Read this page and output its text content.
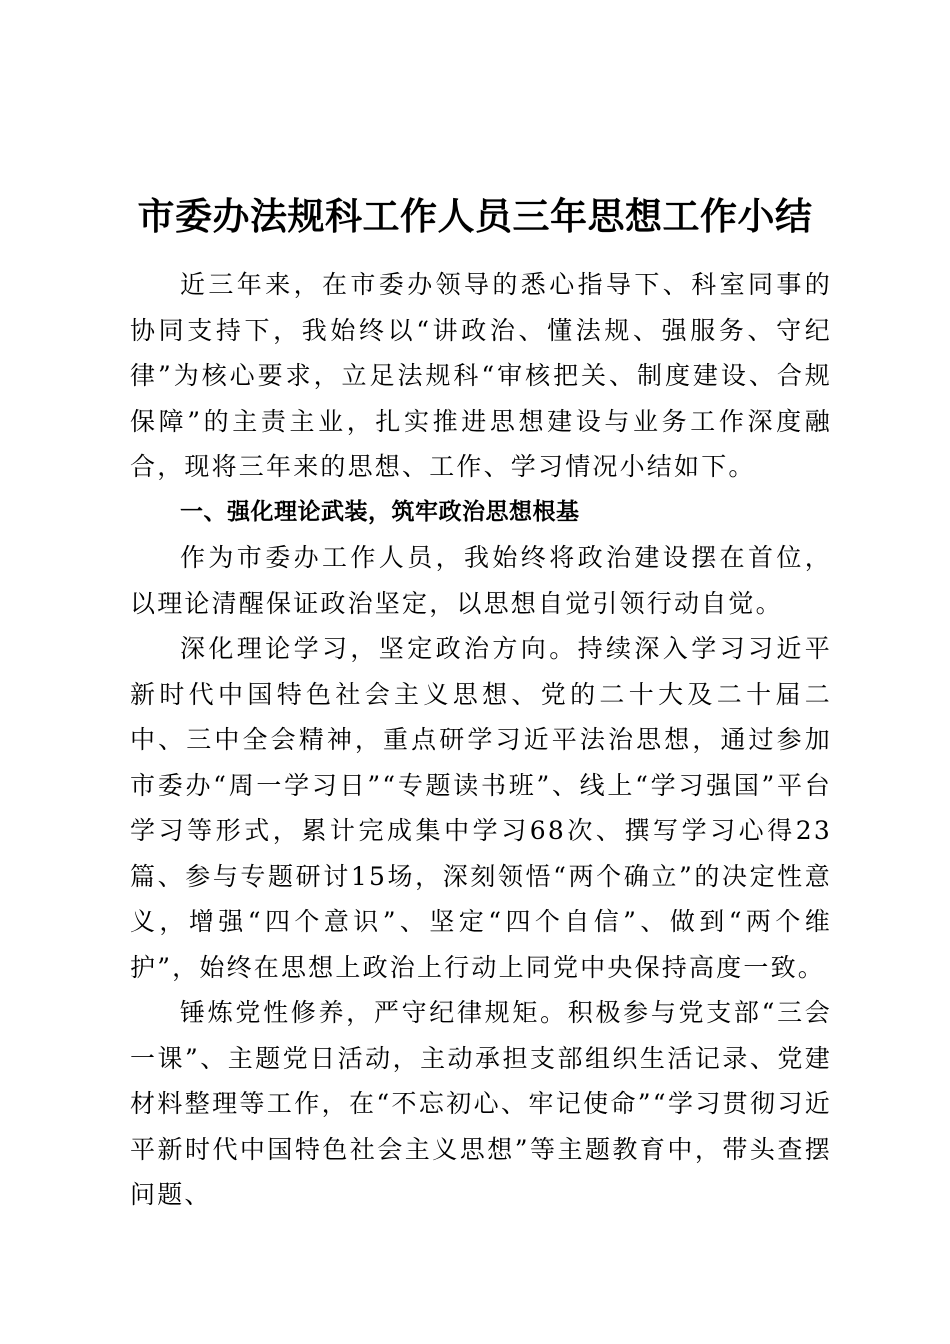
市委办法规科工作人员三年思想工作小结

近三年来，在市委办领导的悉心指导下、科室同事的协同支持下，我始终以“讲政治、懂法规、强服务、守纪律”为核心要求，立足法规科“审核把关、制度建设、合规保障”的主责主业，扎实推进思想建设与业务工作深度融合，现将三年来的思想、工作、学习情况小结如下。

一、强化理论武装，筑牢政治思想根基

作为市委办工作人员，我始终将政治建设摆在首位，以理论清醒保证政治坚定，以思想自觉引领行动自觉。

深化理论学习，坚定政治方向。持续深入学习习近平新时代中国特色社会主义思想、党的二十大及二十届二中、三中全会精神，重点研学习近平法治思想，通过参加市委办“周一学习日”“专题读书班”、线上“学习强国”平台学习等形式，累计完成集中学习68次、撰写学习心得23篇、参与专题研讨15场，深刻领悟“两个确立”的决定性意义，增强“四个意识”、坚定“四个自信”、做到“两个维护”，始终在思想上政治上行动上同党中央保持高度一致。

锤炼党性修养，严守纪律规矩。积极参与党支部“三会一课”、主题党日活动，主动承担支部组织生活记录、党建材料整理等工作，在“不忘初心、牢记使命”“学习贯彻习近平新时代中国特色社会主义思想”等主题教育中，带头查摆问题、
